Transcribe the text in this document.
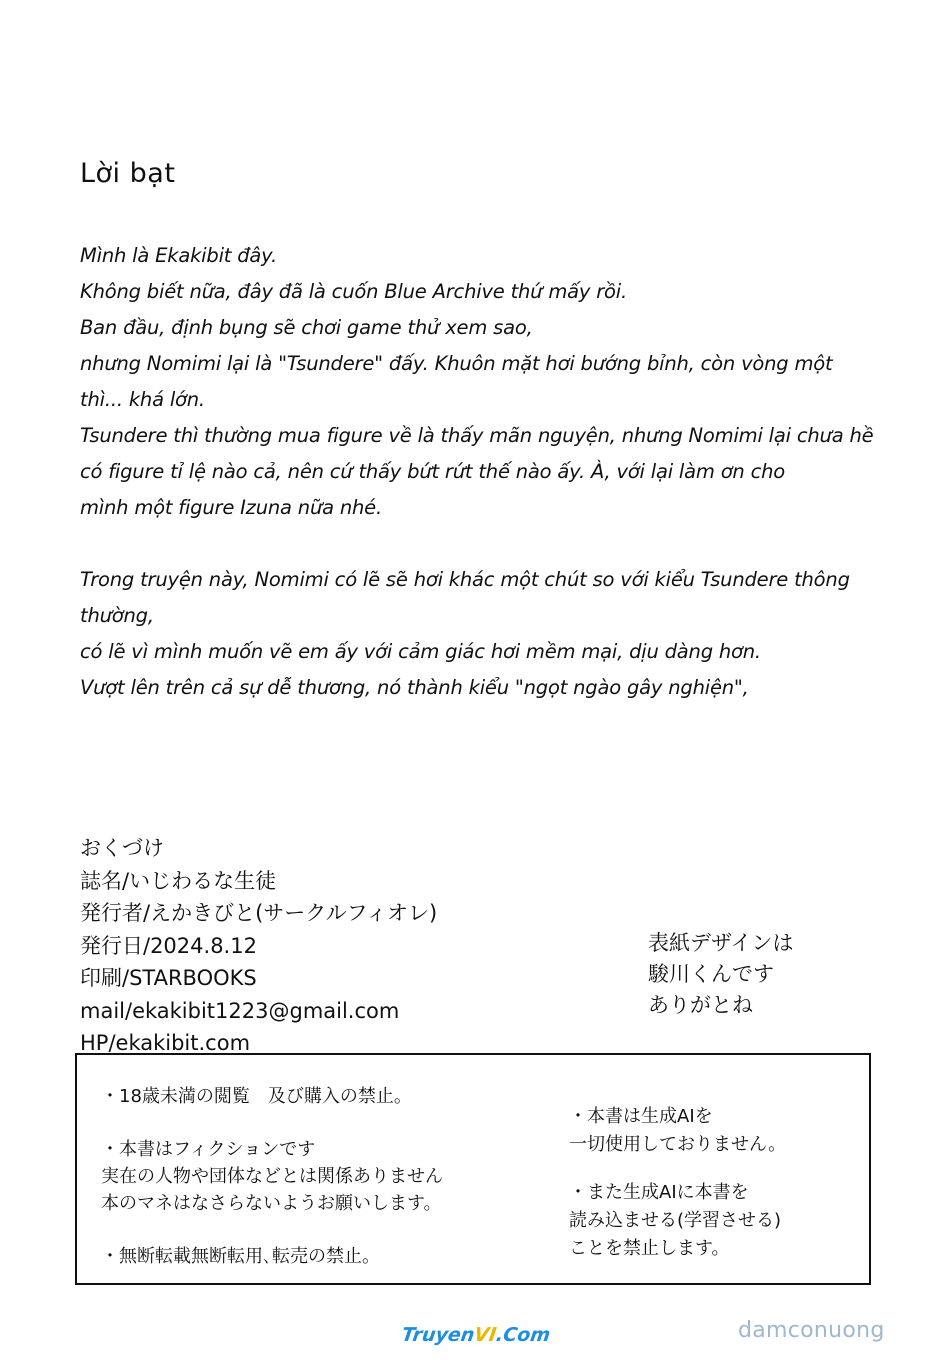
Lời bạt
Mình là Ekakibit đây.
Không biết nữa, đây đã là cuốn Blue Archive thứ mấy rồi.
Ban đầu, định bụng sẽ chơi game thử xem sao,
nhưng Nomimi lại là "Tsundere" đấy. Khuôn mặt hơi bướng bỉnh, còn vòng một
thì... khá lớn.
Tsundere thì thường mua figure về là thấy mãn nguyện, nhưng Nomimi lại chưa hề
có figure tỉ lệ nào cả, nên cứ thấy bứt rứt thế nào ấy. À, với lại làm ơn cho
mình một figure Izuna nữa nhé.
Trong truyện này, Nomimi có lẽ sẽ hơi khác một chút so với kiểu Tsundere thông
thường,
có lẽ vì mình muốn vẽ em ấy với cảm giác hơi mềm mại, dịu dàng hơn.
Vượt lên trên cả sự dễ thương, nó thành kiểu "ngọt ngào gây nghiện",
おくづけ
誌名/いじわるな生徒
発行者/えかきびと(サークルフィオレ)
発行日/2024.8.12
印刷/STARBOOKS
mail/ekakibit1223@gmail.com
HP/ekakibit.com
表紙デザインは
駿川くんです
ありがとね
・18歳未満の閲覧　及び購入の禁止。
・本書はフィクションです
実在の人物や団体などとは関係ありません
本のマネはなさらないようお願いします。
・無断転載無断転用､転売の禁止。
・本書は生成AIを
一切使用しておりません。
・また生成AIに本書を
読み込ませる(学習させる)
ことを禁止します。
Truyen
VI
.Com	damconuong
